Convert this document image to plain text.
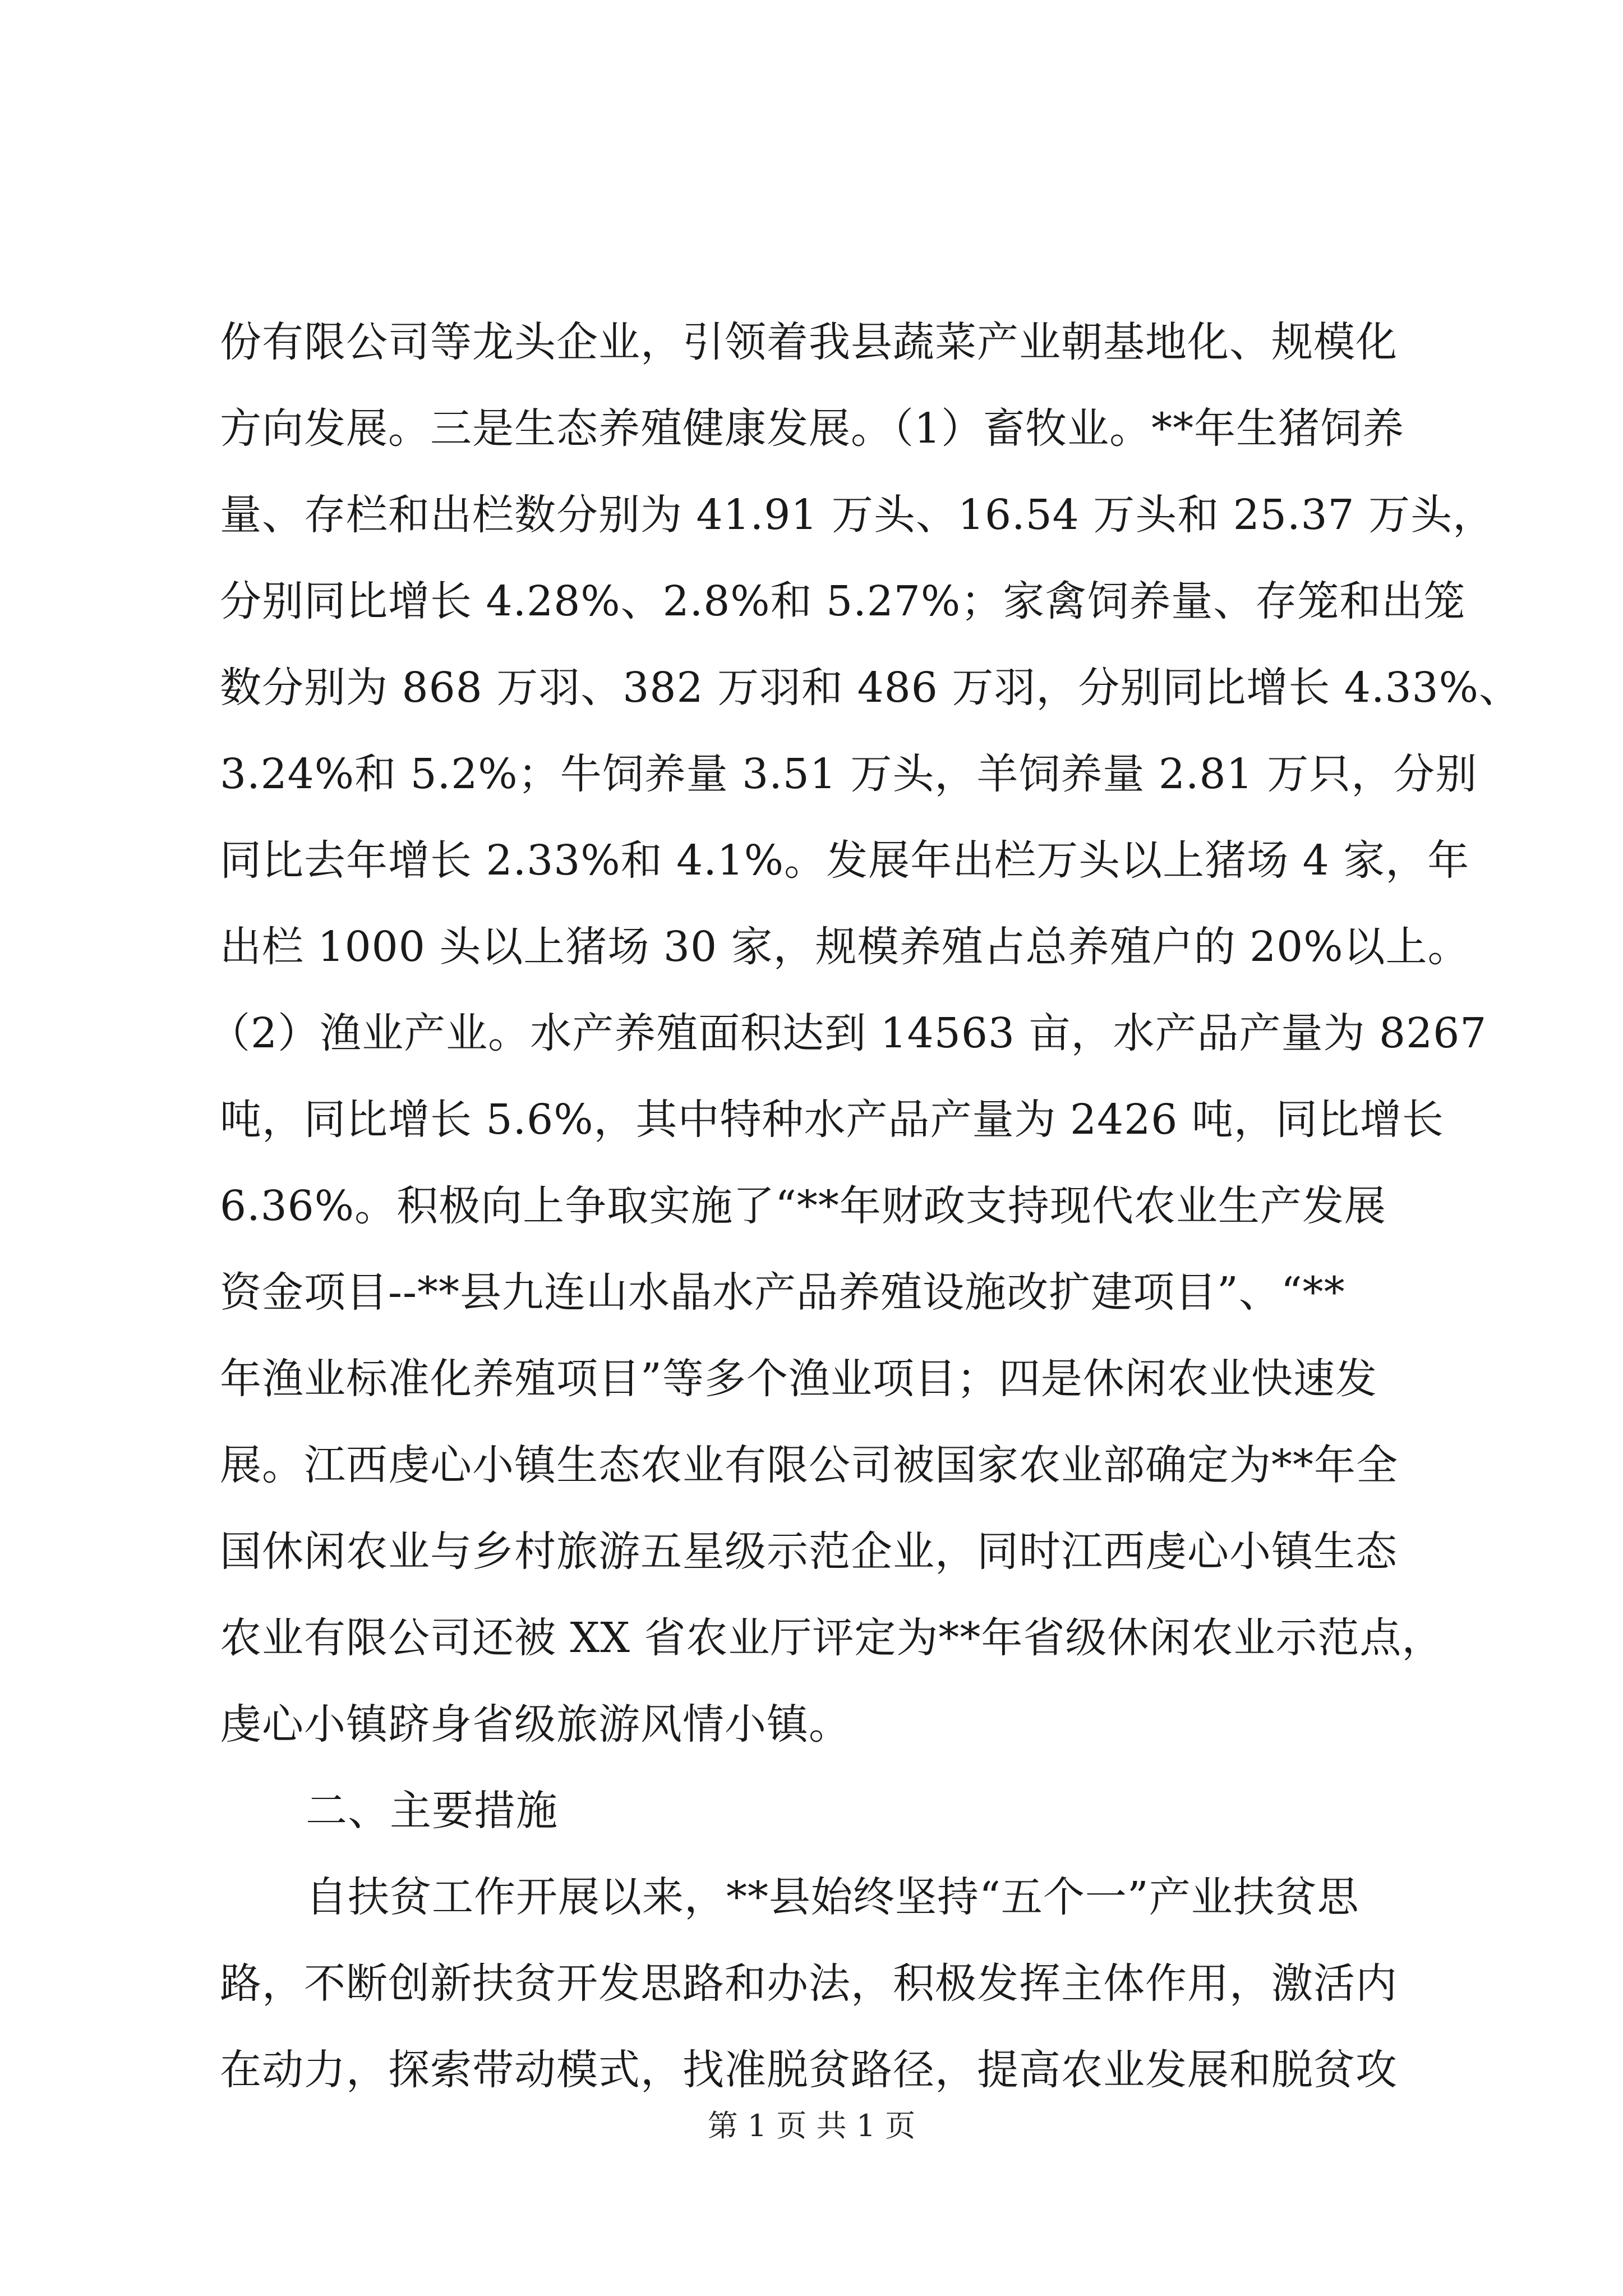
份有限公司等龙头企业，引领着我县蔬菜产业朝基地化、规模化
方向发展。三是生态养殖健康发展。（1）畜牧业。**年生猪饲养
量、存栏和出栏数分别为 41.91 万头、16.54 万头和 25.37 万头，
分别同比增长 4.28%、2.8%和 5.27%；家禽饲养量、存笼和出笼
数分别为 868 万羽、382 万羽和 486 万羽，分别同比增长 4.33%、
3.24%和 5.2%；牛饲养量 3.51 万头，羊饲养量 2.81 万只，分别
同比去年增长 2.33%和 4.1%。发展年出栏万头以上猪场 4 家，年
出栏 1000 头以上猪场 30 家，规模养殖占总养殖户的 20%以上。
（2）渔业产业。水产养殖面积达到 14563 亩，水产品产量为 8267
吨，同比增长 5.6%，其中特种水产品产量为 2426 吨，同比增长
6.36%。积极向上争取实施了“**年财政支持现代农业生产发展
资金项目--**县九连山水晶水产品养殖设施改扩建项目”、“**
年渔业标准化养殖项目”等多个渔业项目；四是休闲农业快速发
展。江西虔心小镇生态农业有限公司被国家农业部确定为**年全
国休闲农业与乡村旅游五星级示范企业，同时江西虔心小镇生态
农业有限公司还被 XX 省农业厅评定为**年省级休闲农业示范点，
虔心小镇跻身省级旅游风情小镇。
二、主要措施
自扶贫工作开展以来，**县始终坚持“五个一”产业扶贫思
路，不断创新扶贫开发思路和办法，积极发挥主体作用，激活内
在动力，探索带动模式，找准脱贫路径，提高农业发展和脱贫攻
第 1 页 共 1 页
